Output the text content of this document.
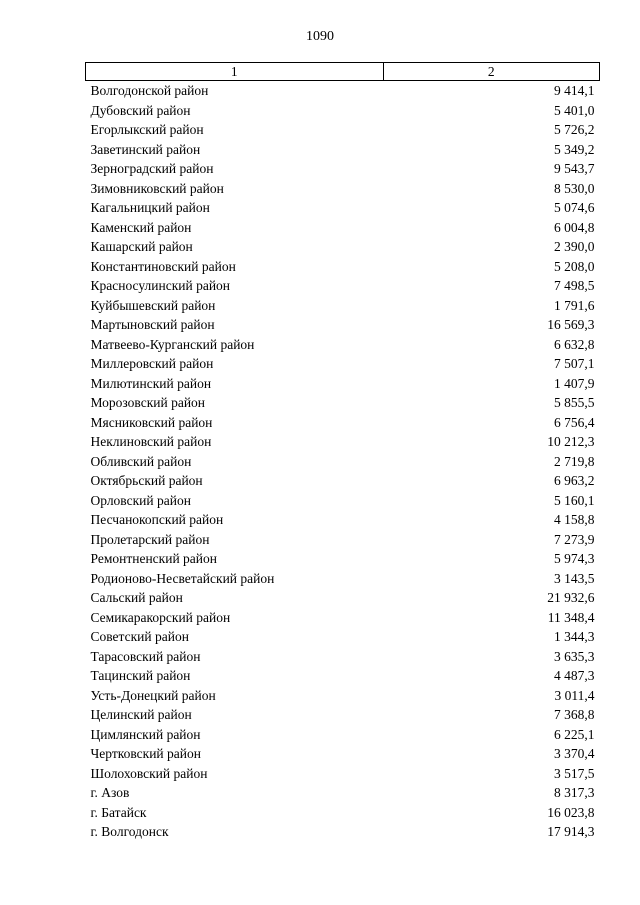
1090
1	2
Волгодонской район	9 414,1
Дубовский район	5 401,0
Егорлыкский район	5 726,2
Заветинский район	5 349,2
Зерноградский район	9 543,7
Зимовниковский район	8 530,0
Кагальницкий район	5 074,6
Каменский район	6 004,8
Кашарский район	2 390,0
Константиновский район	5 208,0
Красносулинский район	7 498,5
Куйбышевский район	1 791,6
Мартыновский район	16 569,3
Матвеево-Курганский район	6 632,8
Миллеровский район	7 507,1
Милютинский район	1 407,9
Морозовский район	5 855,5
Мясниковский район	6 756,4
Неклиновский район	10 212,3
Обливский район	2 719,8
Октябрьский район	6 963,2
Орловский район	5 160,1
Песчанокопский район	4 158,8
Пролетарский район	7 273,9
Ремонтненский район	5 974,3
Родионово-Несветайский район	3 143,5
Сальский район	21 932,6
Семикаракорский район	11 348,4
Советский район	1 344,3
Тарасовский район	3 635,3
Тацинский район	4 487,3
Усть-Донецкий район	3 011,4
Целинский район	7 368,8
Цимлянский район	6 225,1
Чертковский район	3 370,4
Шолоховский район	3 517,5
г. Азов	8 317,3
г. Батайск	16 023,8
г. Волгодонск	17 914,3
